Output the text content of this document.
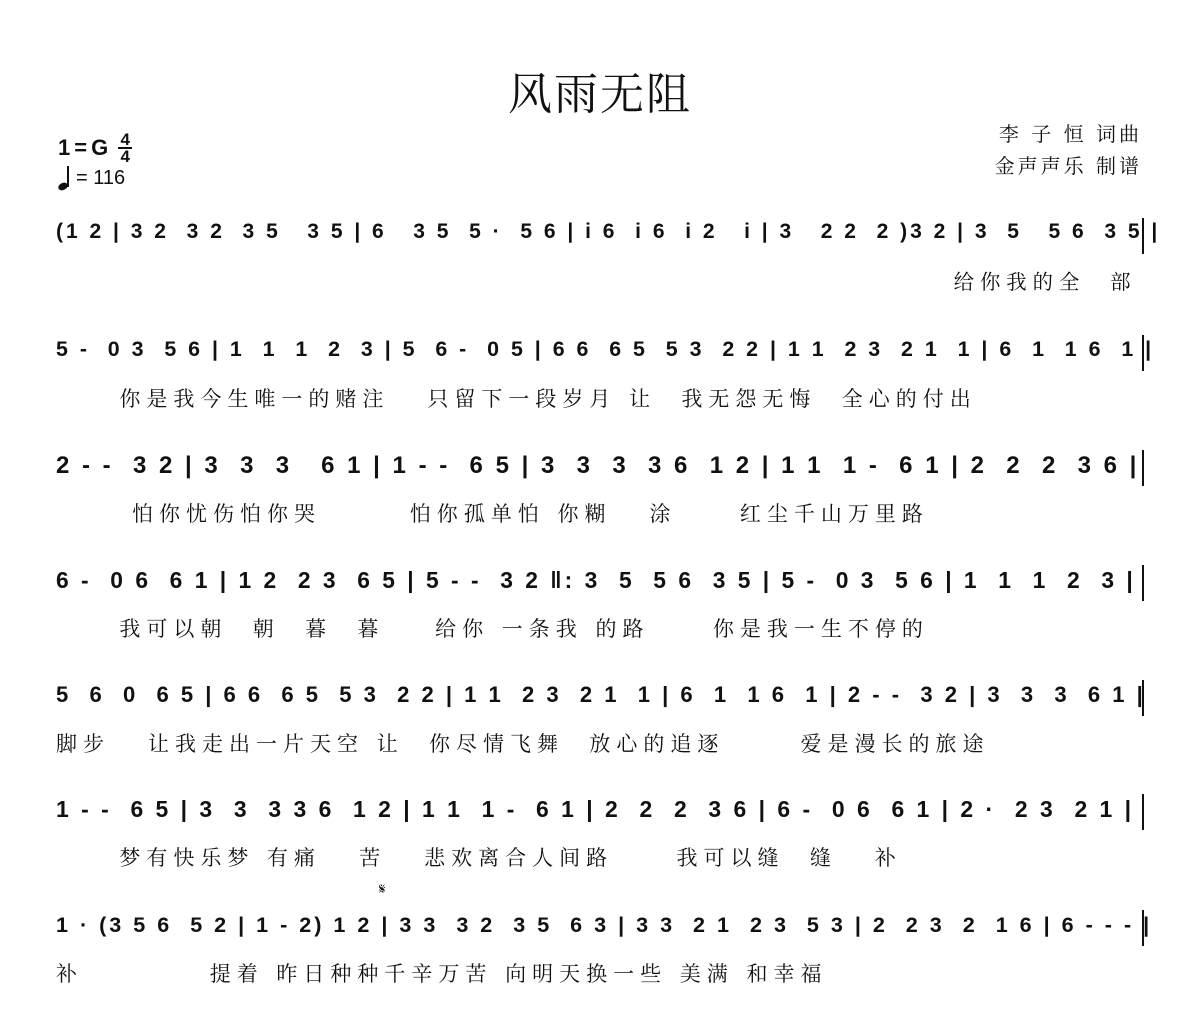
风雨无阻
李 子 恒 词曲
金声声乐 制谱
1 = G $\frac{4}{4}$
= 116
(1 2 | 3 2  3 2  3 5   3 5 | 6   3 5  5 ·  5 6 | i 6  i 6  i 2   i | 3   2 2  2 )3 2 | 3  5   5 6  3 5 |
给你我的全  部
5 -  0 3  5 6 | 1  1  1  2  3 | 5  6 -  0 5 | 6 6  6 5  5 3  2 2 | 1 1  2 3  2 1  1 | 6  1  1 6  1 |
你是我今生唯一的赌注   只留下一段岁月 让  我无怨无悔  全心的付出
2 - -  3 2 | 3  3  3   6 1 | 1 - -  6 5 | 3  3  3  3 6  1 2 | 1 1  1 -  6 1 | 2  2  2  3 6 |
怕你忧伤怕你哭       怕你孤单怕 你糊   涂     红尘千山万里路
6 -  0 6  6 1 | 1 2  2 3  6 5 | 5 - -  3 2 ‖: 3  5  5 6  3 5 | 5 -  0 3  5 6 | 1  1  1  2  3 |
我可以朝  朝  暮  暮    给你 一条我 的路     你是我一生不停的
5  6  0  6 5 | 6 6  6 5  5 3  2 2 | 1 1  2 3  2 1  1 | 6  1  1 6  1 | 2 - -  3 2 | 3  3  3  6 1 |
脚步   让我走出一片天空 让  你尽情飞舞  放心的追逐      爱是漫长的旅途
1 - -  6 5 | 3  3  3 3 6  1 2 | 1 1  1 -  6 1 | 2  2  2  3 6 | 6 -  0 6  6 1 | 2 ·  2 3  2 1 |
梦有快乐梦 有痛   苦   悲欢离合人间路     我可以缝  缝   补
𝄋
1 · (3 5 6  5 2 | 1 - 2) 1 2 | 3 3  3 2  3 5  6 3 | 3 3  2 1  2 3  5 3 | 2  2 3  2  1 6 | 6 - - - |
补          提着 昨日种种千辛万苦 向明天换一些 美满 和幸福
